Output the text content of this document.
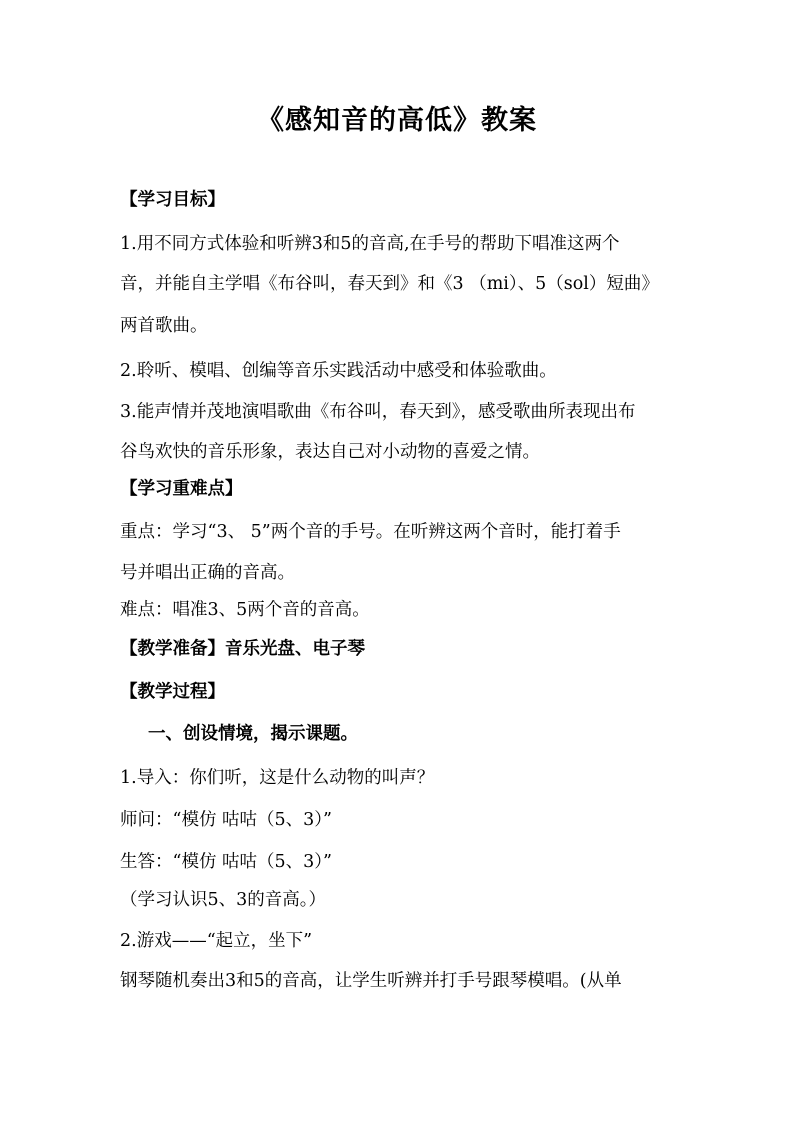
《感知音的高低》教案
【学习目标】
1.用不同方式体验和听辨3和5的音高,在手号的帮助下唱准这两个
音，并能自主学唱《布谷叫，春天到》和《3 （mi）、5（sol）短曲》
两首歌曲。
2.聆听、模唱、创编等音乐实践活动中感受和体验歌曲。
3.能声情并茂地演唱歌曲《布谷叫，春天到》，感受歌曲所表现出布
谷鸟欢快的音乐形象，表达自己对小动物的喜爱之情。
【学习重难点】
重点：学习“3、 5”两个音的手号。在听辨这两个音时，能打着手
号并唱出正确的音高。
难点：唱准3、5两个音的音高。
【教学准备】音乐光盘、电子琴
【教学过程】
一、创设情境，揭示课题。
1.导入：你们听，这是什么动物的叫声？
师问：“模仿 咕咕（5、3）”
生答：“模仿 咕咕（5、3）”
（学习认识5、3的音高。）
2.游戏——“起立，坐下”
钢琴随机奏出3和5的音高，让学生听辨并打手号跟琴模唱。(从单
